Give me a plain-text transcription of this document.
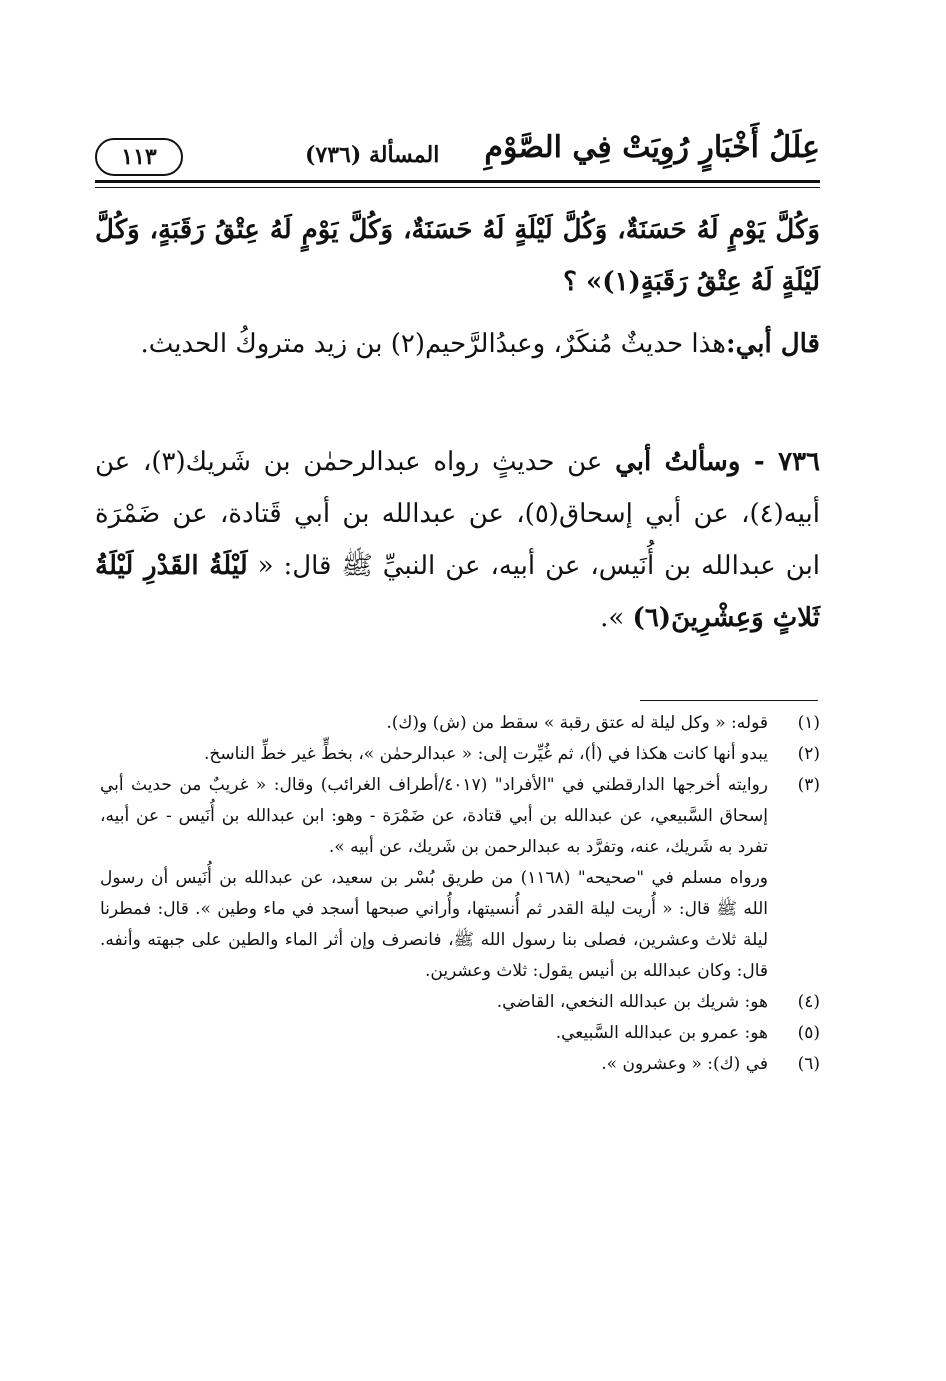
عِلَلُ أَخْبَارٍ رُوِيَتْ فِي الصَّوْمِ
المسألة (٧٣٦)
١١٣
وَكُلَّ يَوْمٍ لَهُ حَسَنَةٌ، وَكُلَّ لَيْلَةٍ لَهُ حَسَنَةٌ، وَكُلَّ يَوْمٍ لَهُ عِتْقُ رَقَبَةٍ، وَكُلَّ لَيْلَةٍ لَهُ عِتْقُ رَقَبَةٍ(١)» ؟
قال أبي:هذا حديثٌ مُنكَرٌ، وعبدُالرَّحيم(٢) بن زيد متروكُ الحديث.
٧٣٦ - وسألتُ أبي عن حديثٍ رواه عبدالرحمٰن بن شَريك(٣)، عن أبيه(٤)، عن أبي إسحاق(٥)، عن عبدالله بن أبي قَتادة، عن ضَمْرَة ابن عبدالله بن أُنَيس، عن أبيه، عن النبيِّ ﷺ قال: « لَيْلَةُ القَدْرِ لَيْلَةُ ثَلاثٍ وَعِشْرِينَ(٦) ».
(١)
قوله: « وكل ليلة له عتق رقبة » سقط من (ش) و(ك).
(٢)
يبدو أنها كانت هكذا في (أ)، ثم غُيِّرت إلى: « عبدالرحمٰن »، بخطٍّ غير خطِّ الناسخ.
(٣)
روايته أخرجها الدارقطني في "الأفراد" (٤٠١٧/أطراف الغرائب) وقال: « غريبٌ من حديث أبي إسحاق السَّبيعي، عن عبدالله بن أبي قتادة، عن ضَمْرَة - وهو: ابن عبدالله بن أُنَيس - عن أبيه، تفرد به شَريك، عنه، وتفرَّد به عبدالرحمن بن شَريك، عن أبيه ».
ورواه مسلم في "صحيحه" (١١٦٨) من طريق بُسْر بن سعيد، عن عبدالله بن أُنَيس أن رسول الله ﷺ قال: « أُريت ليلة القدر ثم أُنسيتها، وأُراني صبحها أسجد في ماء وطين ». قال: فمطرنا ليلة ثلاث وعشرين، فصلى بنا رسول الله ﷺ، فانصرف وإن أثر الماء والطين على جبهته وأنفه. قال: وكان عبدالله بن أنيس يقول: ثلاث وعشرين.
(٤)
هو: شريك بن عبدالله النخعي، القاضي.
(٥)
هو: عمرو بن عبدالله السَّبيعي.
(٦)
في (ك): « وعشرون ».
